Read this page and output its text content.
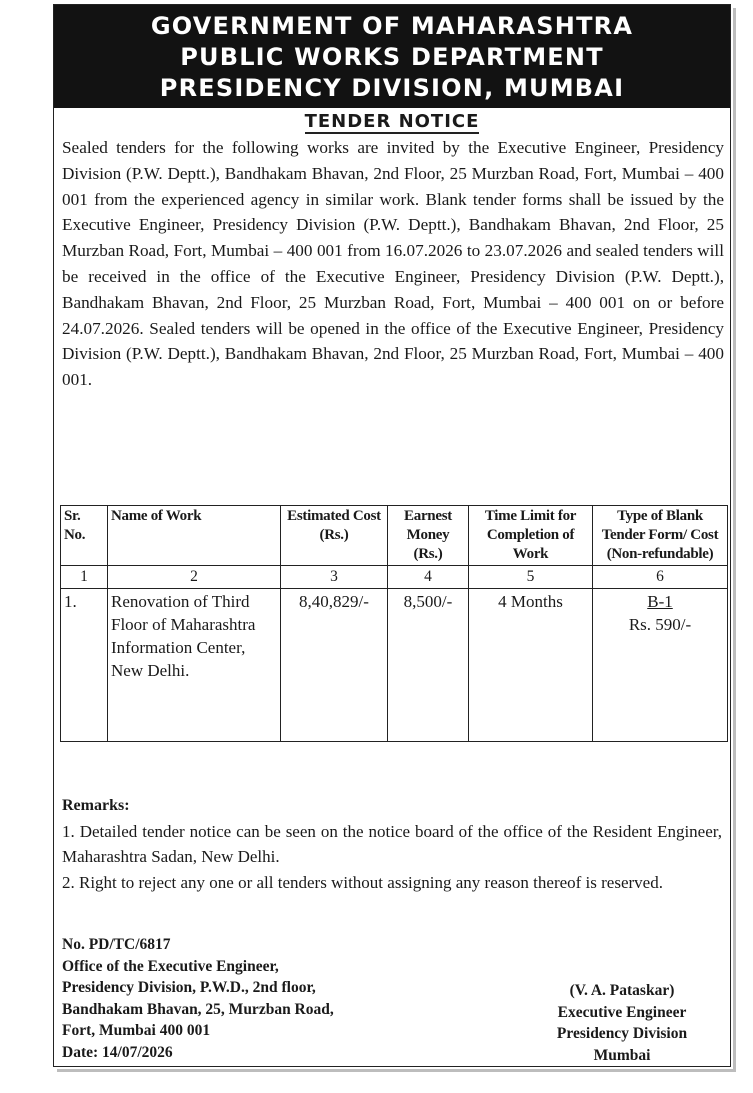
GOVERNMENT OF MAHARASHTRA
PUBLIC WORKS DEPARTMENT
PRESIDENCY DIVISION, MUMBAI
TENDER NOTICE
Sealed tenders for the following works are invited by the Executive Engineer, Presidency Division (P.W. Deptt.), Bandhakam Bhavan, 2nd Floor, 25 Murzban Road, Fort, Mumbai – 400 001 from the experienced agency in similar work. Blank tender forms shall be issued by the Executive Engineer, Presidency Division (P.W. Deptt.), Bandhakam Bhavan, 2nd Floor, 25 Murzban Road, Fort, Mumbai – 400 001 from 16.07.2026 to 23.07.2026 and sealed tenders will be received in the office of the Executive Engineer, Presidency Division (P.W. Deptt.), Bandhakam Bhavan, 2nd Floor, 25 Murzban Road, Fort, Mumbai – 400 001 on or before 24.07.2026. Sealed tenders will be opened in the office of the Executive Engineer, Presidency Division (P.W. Deptt.), Bandhakam Bhavan, 2nd Floor, 25 Murzban Road, Fort, Mumbai – 400 001.
Sr. No.	Name of Work	Estimated Cost (Rs.)	Earnest Money (Rs.)	Time Limit for Completion of Work	Type of Blank Tender Form/ Cost (Non-refundable)
1	2	3	4	5	6
1.	Renovation of Third Floor of Maharashtra Information Center, New Delhi.	8,40,829/-	8,500/-	4 Months	B-1
Rs. 590/-
Remarks:
1. Detailed tender notice can be seen on the notice board of the office of the Resident Engineer, Maharashtra Sadan, New Delhi.
2. Right to reject any one or all tenders without assigning any reason thereof is reserved.
No. PD/TC/6817
Office of the Executive Engineer,
Presidency Division, P.W.D., 2nd floor,
Bandhakam Bhavan, 25, Murzban Road,
Fort, Mumbai 400 001
Date: 14/07/2026
(V. A. Pataskar)
Executive Engineer
Presidency Division
Mumbai
